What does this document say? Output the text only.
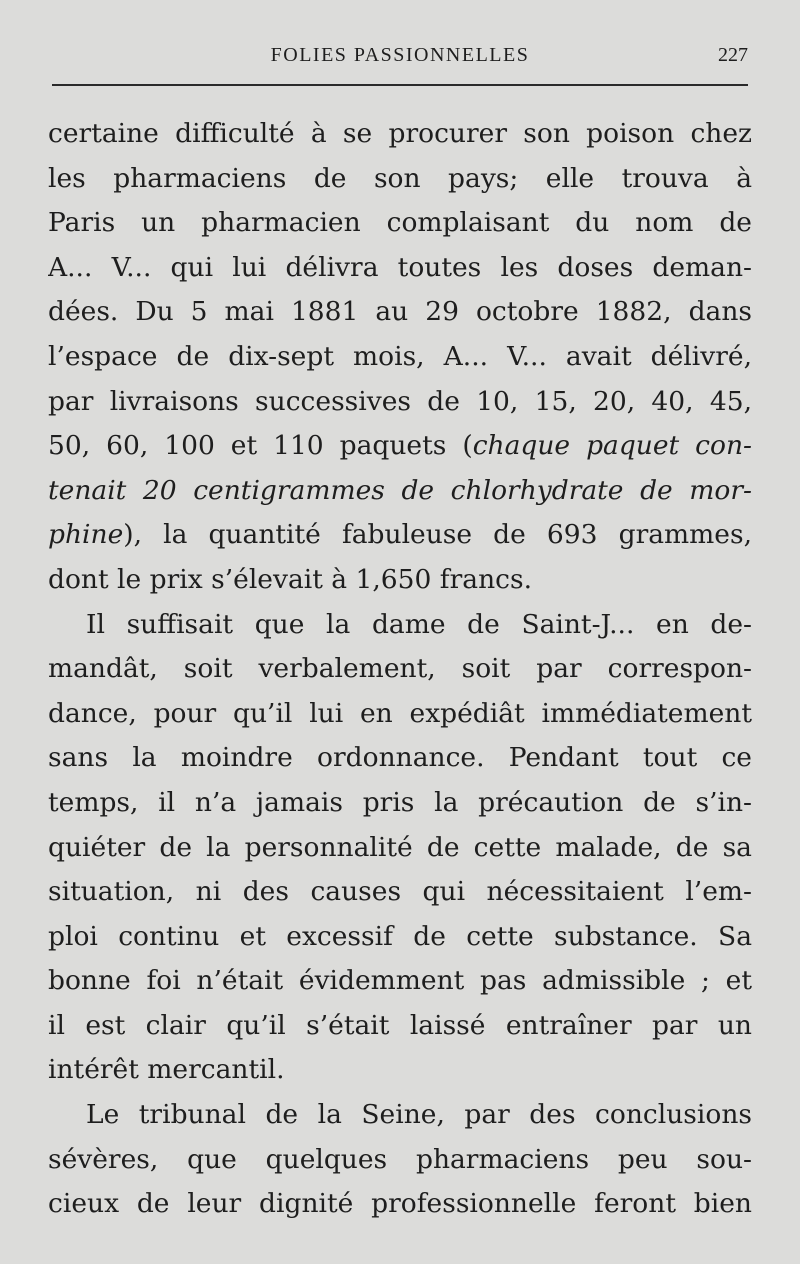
FOLIES PASSIONNELLES	227

certaine difficulté à se procurer son poison chez
les pharmaciens de son pays; elle trouva à
Paris un pharmacien complaisant du nom de
A... V... qui lui délivra toutes les doses deman-
dées. Du 5 mai 1881 au 29 octobre 1882, dans
l’espace de dix-sept mois, A... V... avait délivré,
par livraisons successives de 10, 15, 20, 40, 45,
50, 60, 100 et 110 paquets (chaque paquet con-
tenait 20 centigrammes de chlorhydrate de mor-
phine), la quantité fabuleuse de 693 grammes,
dont le prix s’élevait à 1,650 francs.

Il suffisait que la dame de Saint-J... en de-
mandât, soit verbalement, soit par correspon-
dance, pour qu’il lui en expédiât immédiatement
sans la moindre ordonnance. Pendant tout ce
temps, il n’a jamais pris la précaution de s’in-
quiéter de la personnalité de cette malade, de sa
situation, ni des causes qui nécessitaient l’em-
ploi continu et excessif de cette substance. Sa
bonne foi n’était évidemment pas admissible ; et
il est clair qu’il s’était laissé entraîner par un
intérêt mercantil.

Le tribunal de la Seine, par des conclusions
sévères, que quelques pharmaciens peu sou-
cieux de leur dignité professionnelle feront bien
